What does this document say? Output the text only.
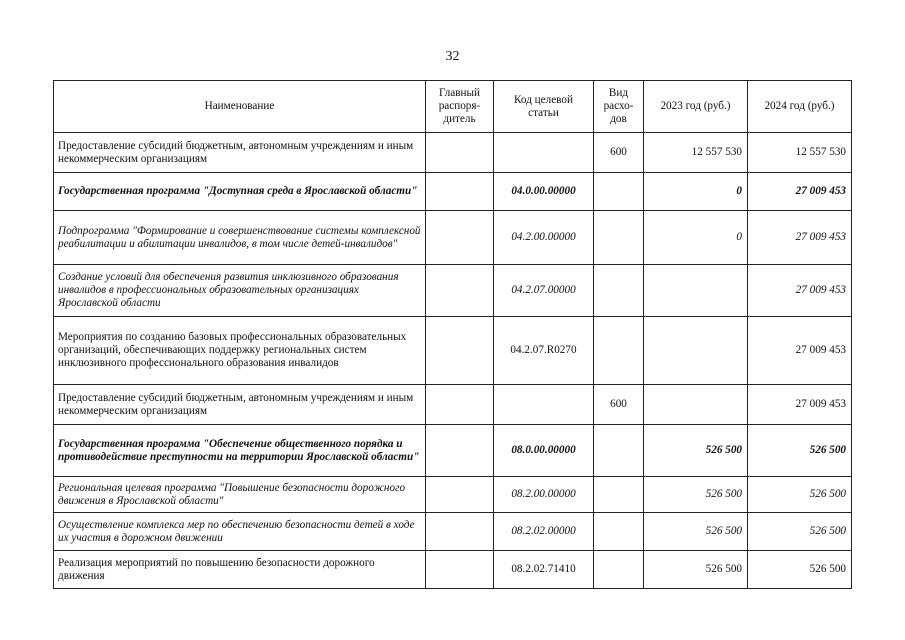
32
Наименование	Главный распоря-дитель	Код целевой статьи	Вид расхо-дов	2023 год (руб.)	2024 год (руб.)
Предоставление субсидий бюджетным, автономным учреждениям и иным некоммерческим организациям			600	12 557 530	12 557 530
Государственная программа "Доступная среда в Ярославской области"		04.0.00.00000		0	27 009 453
Подпрограмма "Формирование и совершенствование системы комплексной реабилитации и абилитации инвалидов, в том числе детей-инвалидов"		04.2.00.00000		0	27 009 453
Создание условий для обеспечения развития инклюзивного образования инвалидов в профессиональных образовательных организациях Ярославской области		04.2.07.00000			27 009 453
Мероприятия по созданию базовых профессиональных образовательных организаций, обеспечивающих поддержку региональных систем инклюзивного профессионального образования инвалидов		04.2.07.R0270			27 009 453
Предоставление субсидий бюджетным, автономным учреждениям и иным некоммерческим организациям			600		27 009 453
Государственная программа "Обеспечение общественного порядка и противодействие преступности на территории Ярославской области"		08.0.00.00000		526 500	526 500
Региональная целевая программа "Повышение безопасности дорожного движения в Ярославской области"		08.2.00.00000		526 500	526 500
Осуществление комплекса мер по обеспечению безопасности детей в ходе их участия в дорожном движении		08.2.02.00000		526 500	526 500
Реализация мероприятий по повышению безопасности дорожного движения		08.2.02.71410		526 500	526 500
